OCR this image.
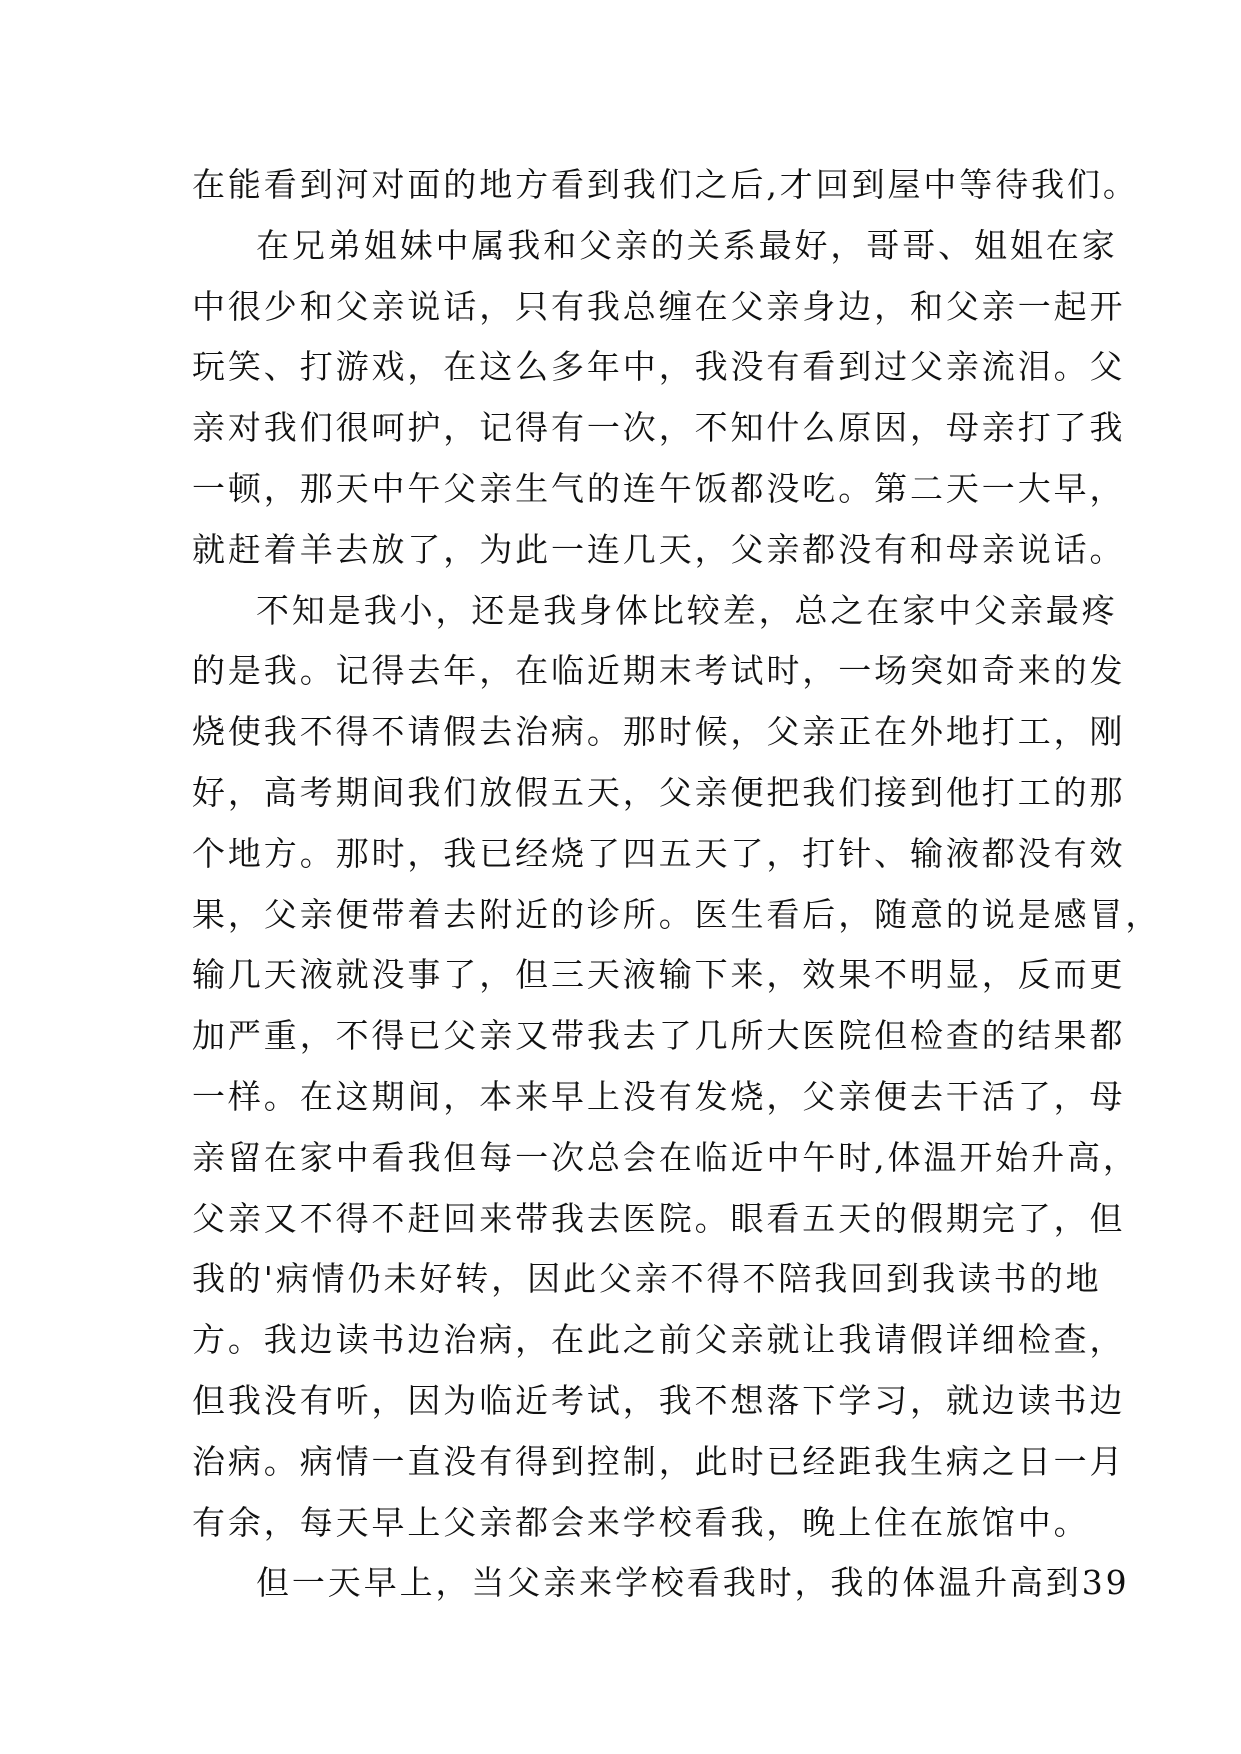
在能看到河对面的地方看到我们之后,才回到屋中等待我们。
在兄弟姐妹中属我和父亲的关系最好，哥哥、姐姐在家
中很少和父亲说话，只有我总缠在父亲身边，和父亲一起开
玩笑、打游戏，在这么多年中，我没有看到过父亲流泪。父
亲对我们很呵护，记得有一次，不知什么原因，母亲打了我
一顿，那天中午父亲生气的连午饭都没吃。第二天一大早，
就赶着羊去放了，为此一连几天，父亲都没有和母亲说话。
不知是我小，还是我身体比较差，总之在家中父亲最疼
的是我。记得去年，在临近期末考试时，一场突如奇来的发
烧使我不得不请假去治病。那时候，父亲正在外地打工，刚
好，高考期间我们放假五天，父亲便把我们接到他打工的那
个地方。那时，我已经烧了四五天了，打针、输液都没有效
果，父亲便带着去附近的诊所。医生看后，随意的说是感冒，
输几天液就没事了，但三天液输下来，效果不明显，反而更
加严重，不得已父亲又带我去了几所大医院但检查的结果都
一样。在这期间，本来早上没有发烧，父亲便去干活了，母
亲留在家中看我但每一次总会在临近中午时,体温开始升高，
父亲又不得不赶回来带我去医院。眼看五天的假期完了，但
我的'病情仍未好转，因此父亲不得不陪我回到我读书的地
方。我边读书边治病，在此之前父亲就让我请假详细检查，
但我没有听，因为临近考试，我不想落下学习，就边读书边
治病。病情一直没有得到控制，此时已经距我生病之日一月
有余，每天早上父亲都会来学校看我，晚上住在旅馆中。
但一天早上，当父亲来学校看我时，我的体温升高到39
